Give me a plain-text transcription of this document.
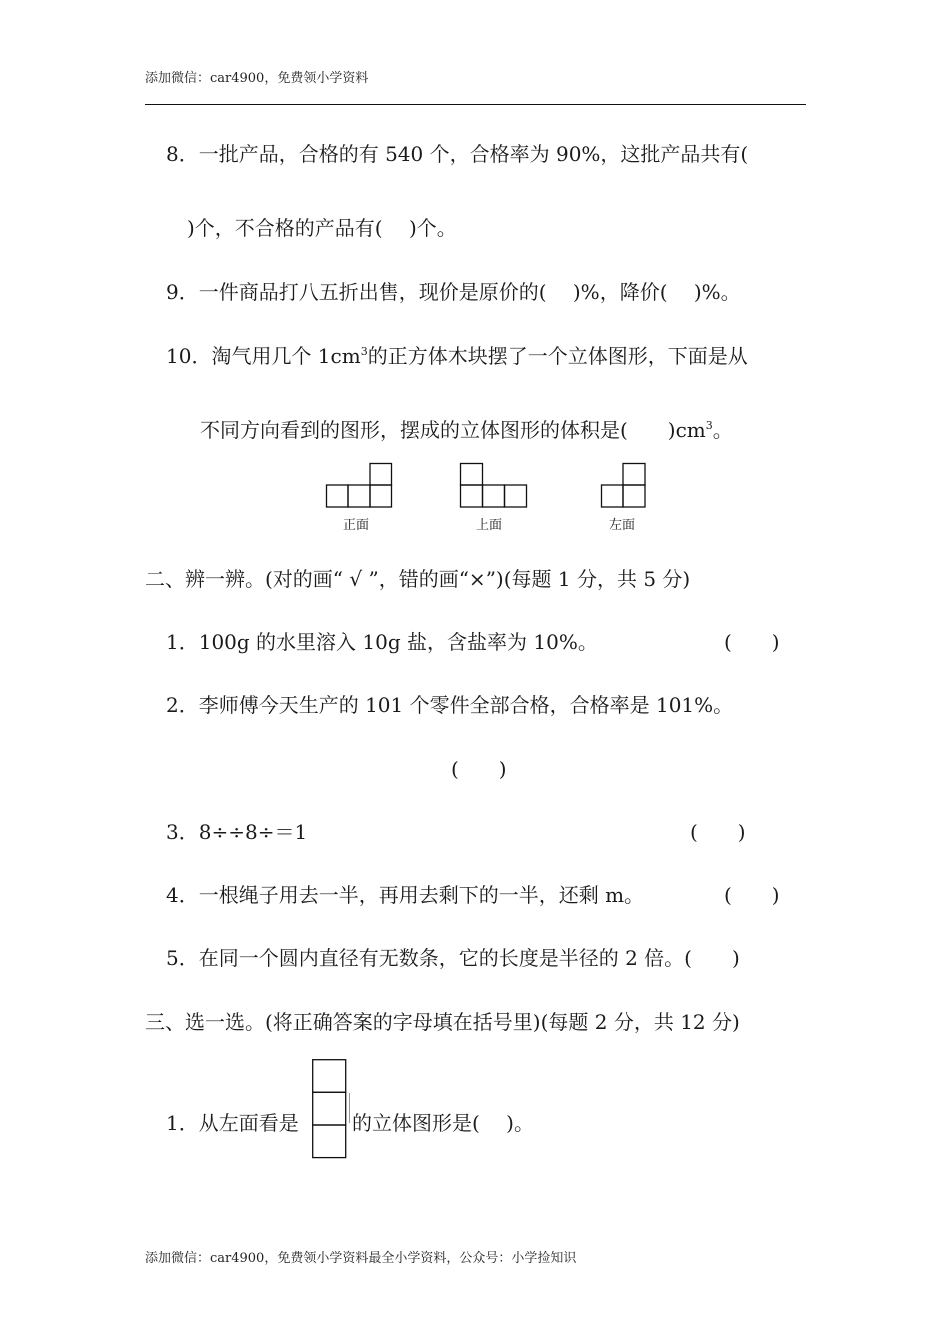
添加微信：car4900，免费领小学资料
8．一批产品，合格的有 540 个，合格率为 90%，这批产品共有(
)个，不合格的产品有(　 )个。
9．一件商品打八五折出售，现价是原价的(　 )%，降价(　 )%。
10．淘气用几个 $1cm^3$的正方体木块摆了一个立体图形，下面是从
不同方向看到的图形，摆成的立体图形的体积是(　　)$cm^3$。
正面	上面	左面
二、辨一辨。(对的画“ √ ”，错的画“×”)(每题 1 分，共 5 分)
1．100g 的水里溶入 10g 盐，含盐率为 10%。	(　　)
2．李师傅今天生产的 101 个零件全部合格，合格率是 101%。
(　　)
3．8÷÷8÷＝1	(　　)
4．一根绳子用去一半，再用去剩下的一半，还剩 m。	(　　)
5．在同一个圆内直径有无数条，它的长度是半径的 2 倍。(　　)
三、选一选。(将正确答案的字母填在括号里)(每题 2 分，共 12 分)
1．从左面看是	的立体图形是(　 )。
添加微信：car4900，免费领小学资料最全小学资料，公众号：小学捡知识
